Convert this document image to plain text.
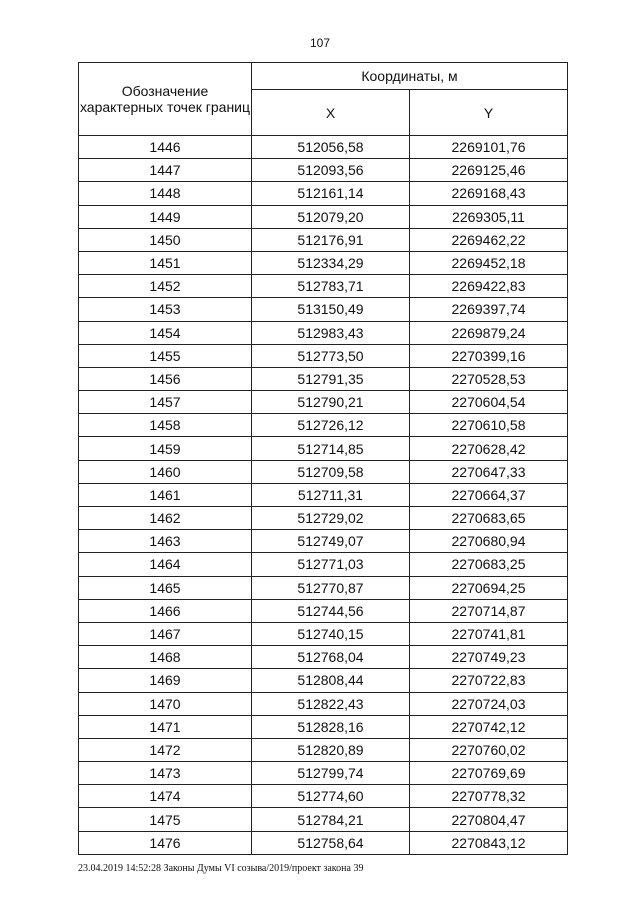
107
Обозначение характерных точек границ	Координаты, м	
	X	Y
1446	512056,58	2269101,76
1447	512093,56	2269125,46
1448	512161,14	2269168,43
1449	512079,20	2269305,11
1450	512176,91	2269462,22
1451	512334,29	2269452,18
1452	512783,71	2269422,83
1453	513150,49	2269397,74
1454	512983,43	2269879,24
1455	512773,50	2270399,16
1456	512791,35	2270528,53
1457	512790,21	2270604,54
1458	512726,12	2270610,58
1459	512714,85	2270628,42
1460	512709,58	2270647,33
1461	512711,31	2270664,37
1462	512729,02	2270683,65
1463	512749,07	2270680,94
1464	512771,03	2270683,25
1465	512770,87	2270694,25
1466	512744,56	2270714,87
1467	512740,15	2270741,81
1468	512768,04	2270749,23
1469	512808,44	2270722,83
1470	512822,43	2270724,03
1471	512828,16	2270742,12
1472	512820,89	2270760,02
1473	512799,74	2270769,69
1474	512774,60	2270778,32
1475	512784,21	2270804,47
1476	512758,64	2270843,12
23.04.2019 14:52:28 Законы Думы VI созыва/2019/проект закона 39
